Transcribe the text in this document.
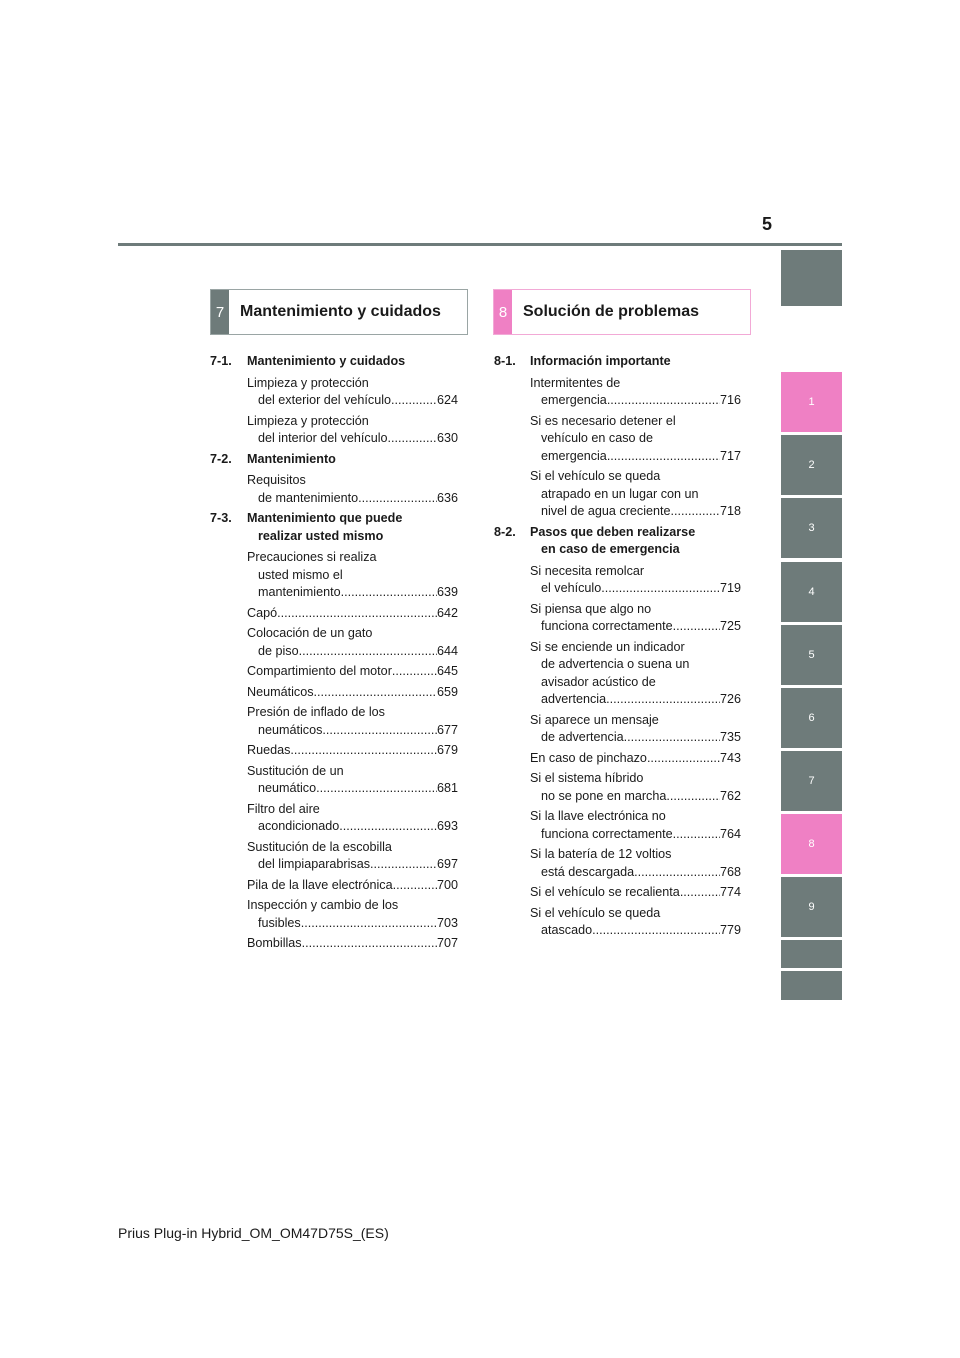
5
1
2
3
4
5
6
7
8
9
7 Mantenimiento y cuidados	8 Solución de problemas
7-1.	Mantenimiento y cuidados
Limpieza y protección
del exterior del vehículo .....	624
Limpieza y protección
del interior del vehículo .....	630
7-2.	Mantenimiento
Requisitos
de mantenimiento .....	636
7-3.	Mantenimiento que puede
realizar usted mismo
Precauciones si realiza
usted mismo el
mantenimiento .....	639
Capó .....	642
Colocación de un gato
de piso .....	644
Compartimiento del motor .....	645
Neumáticos .....	659
Presión de inflado de los
neumáticos .....	677
Ruedas .....	679
Sustitución de un
neumático .....	681
Filtro del aire
acondicionado .....	693
Sustitución de la escobilla
del limpiaparabrisas .....	697
Pila de la llave electrónica .....	700
Inspección y cambio de los
fusibles .....	703
Bombillas .....	707
8-1.	Información importante
Intermitentes de
emergencia .....	716
Si es necesario detener el
vehículo en caso de
emergencia .....	717
Si el vehículo se queda
atrapado en un lugar con un
nivel de agua creciente .....	718
8-2.	Pasos que deben realizarse
en caso de emergencia
Si necesita remolcar
el vehículo .....	719
Si piensa que algo no
funciona correctamente .....	725
Si se enciende un indicador
de advertencia o suena un
avisador acústico de
advertencia .....	726
Si aparece un mensaje
de advertencia .....	735
En caso de pinchazo .....	743
Si el sistema híbrido
no se pone en marcha .....	762
Si la llave electrónica no
funciona correctamente .....	764
Si la batería de 12 voltios
está descargada .....	768
Si el vehículo se recalienta .....	774
Si el vehículo se queda
atascado .....	779
Prius Plug-in Hybrid_OM_OM47D75S_(ES)
